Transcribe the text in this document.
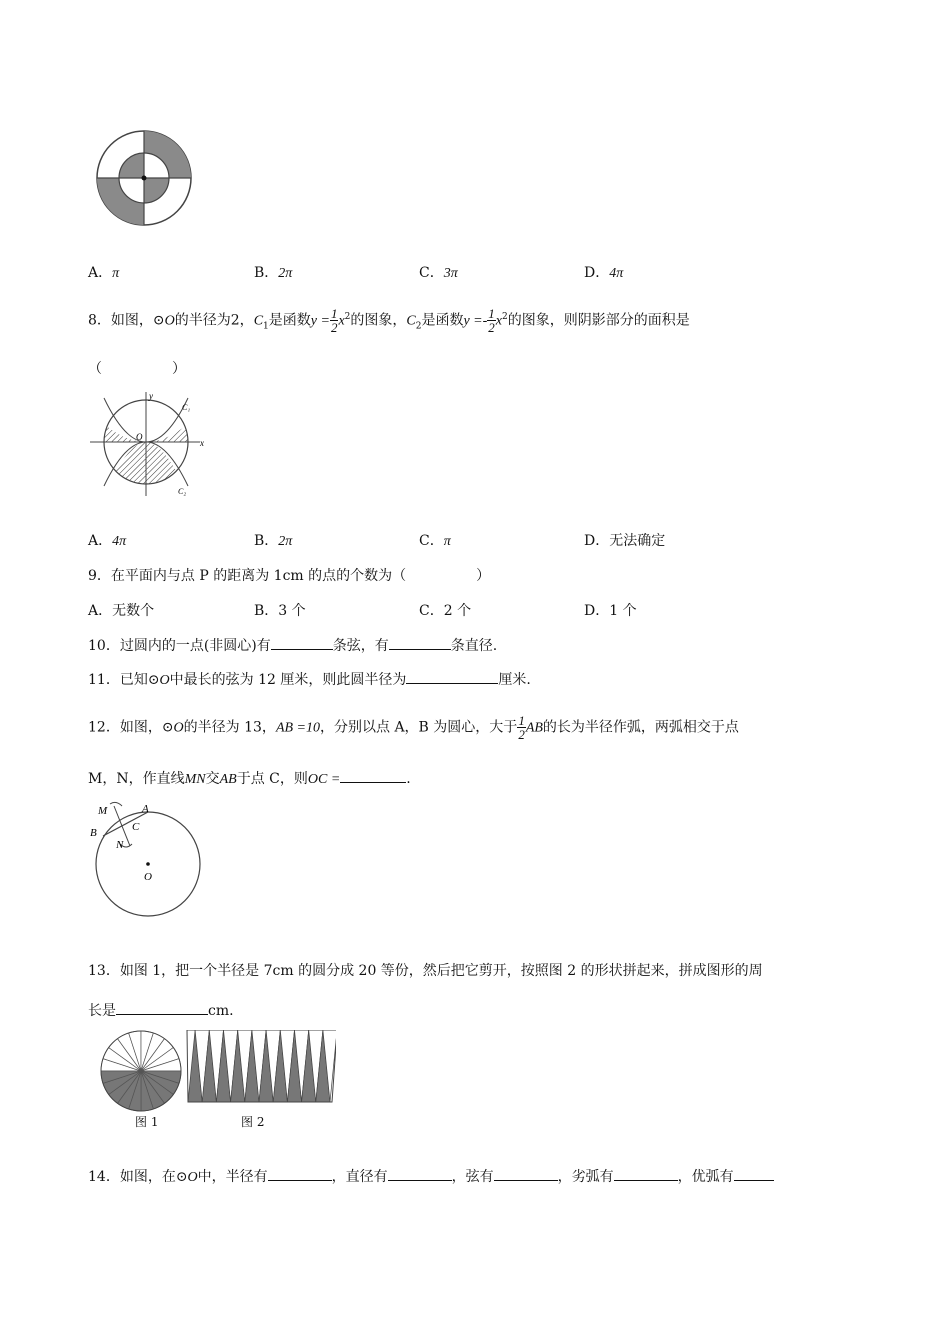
A．π	B．2π	C．3π	D．4π
8．如图，⊙O的半径为2，$C_1$是函数$y = \frac{1}{2} x^2$的图象，$C_2$是函数$y =- \frac{1}{2} x^2$的图象，则阴影部分的面积是
（　　　　　）
y
x
O
C₁
C₂
A．4π	B．2π	C．π	D．无法确定
9．在平面内与点 P 的距离为 1cm 的点的个数为（　　　　　）
A．无数个	B．3 个	C．2 个	D．1 个
10．过圆内的一点(非圆心)有	条弦，有	条直径.
11．已知⊙O中最长的弦为 12 厘米，则此圆半径为	厘米.
12．如图，⊙O的半径为 13，AB =10，分别以点 A，B 为圆心，大于 $\frac{1}{2}$ AB的长为半径作弧，两弧相交于点
M，N，作直线MN交AB于点 C，则OC =	.
M	A
B	C
N
O
13．如图 1，把一个半径是 7cm 的圆分成 20 等份，然后把它剪开，按照图 2 的形状拼起来，拼成图形的周
长是	cm.
图 1	图 2
14．如图，在⊙O中，半径有	，直径有	，弦有	，劣弧有	，优弧有
